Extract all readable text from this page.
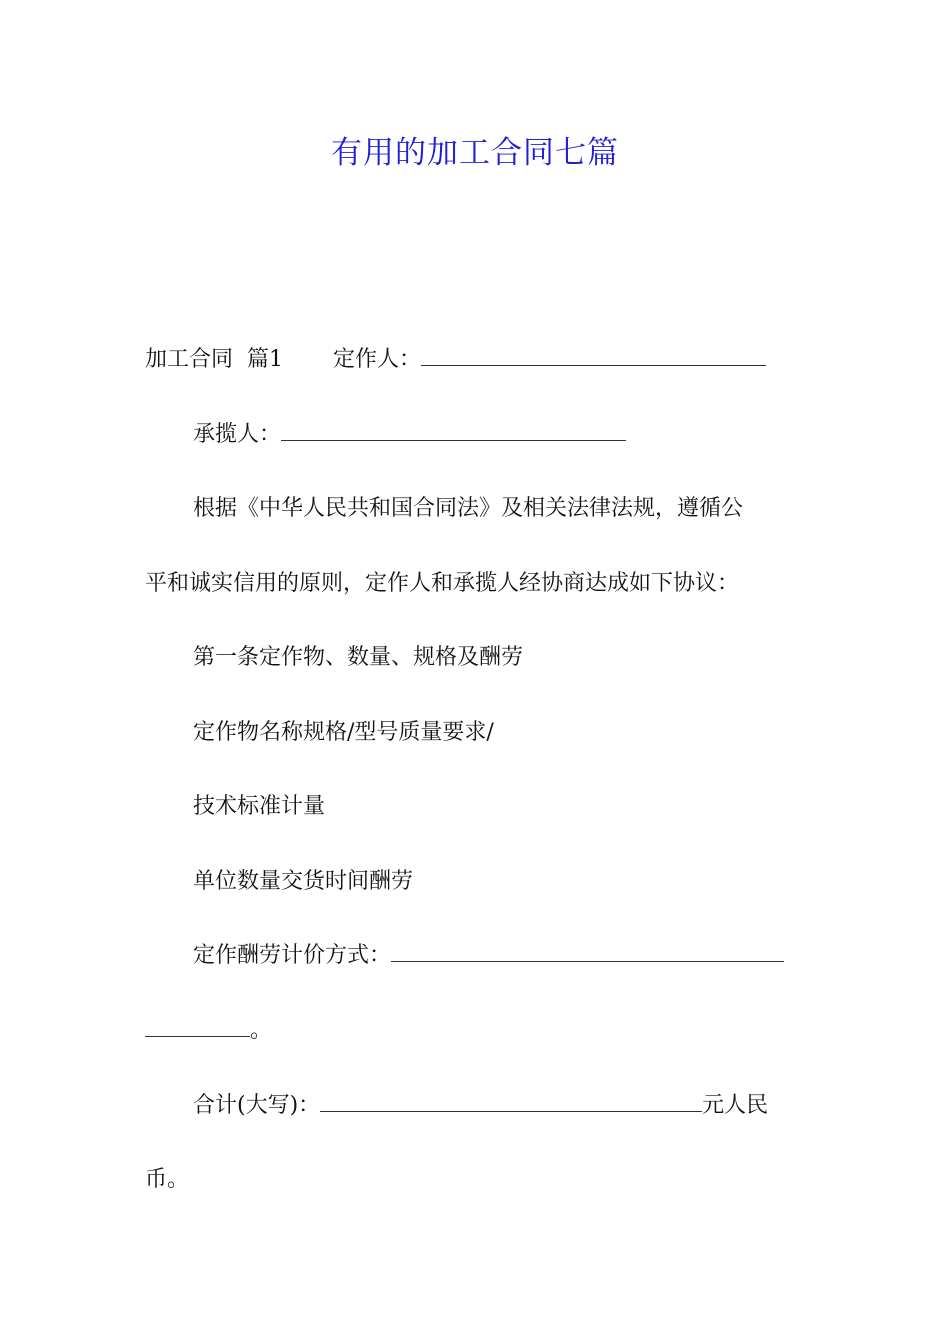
有用的加工合同七篇
加工合同  篇1 定作人：
承揽人：

根据《中华人民共和国合同法》及相关法律法规，遵循公

平和诚实信用的原则，定作人和承揽人经协商达成如下协议：

第一条定作物、数量、规格及酬劳

定作物名称规格/型号质量要求/

技术标准计量

单位数量交货时间酬劳

定作酬劳计价方式：
。
合计(大写)：	元人民

币。
